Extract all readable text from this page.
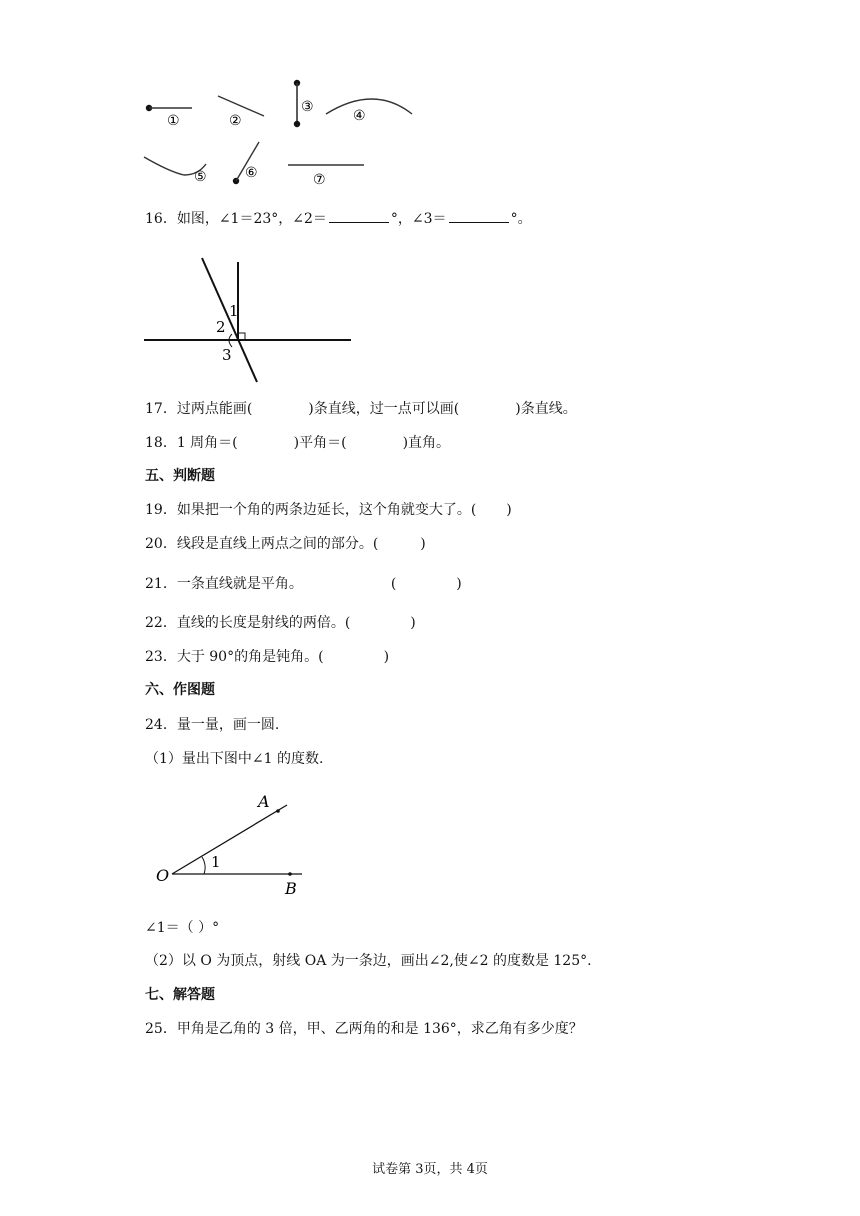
①	②
③
④
⑤	⑥	⑦
16．如图，∠1＝23°，∠2＝	°，∠3＝	°。
1
2
3
17．过两点能画(	)条直线，过一点可以画(	)条直线。
18．1 周角＝(	)平角＝(	)直角。
五、判断题
19．如果把一个角的两条边延长，这个角就变大了。( )
20．线段是直线上两点之间的部分。(	)
21．一条直线就是平角。	(	)
22．直线的长度是射线的两倍。(	)
23．大于 90°的角是钝角。(	)
六、作图题
24．量一量，画一圆.
（1）量出下图中∠1 的度数.
A
O
B
1
∠1＝（ ）°
（2）以 O 为顶点，射线 OA 为一条边，画出∠2,使∠2 的度数是 125°.
七、解答题
25．甲角是乙角的 3 倍，甲、乙两角的和是 136°，求乙角有多少度？
试卷第 3页，共 4页
